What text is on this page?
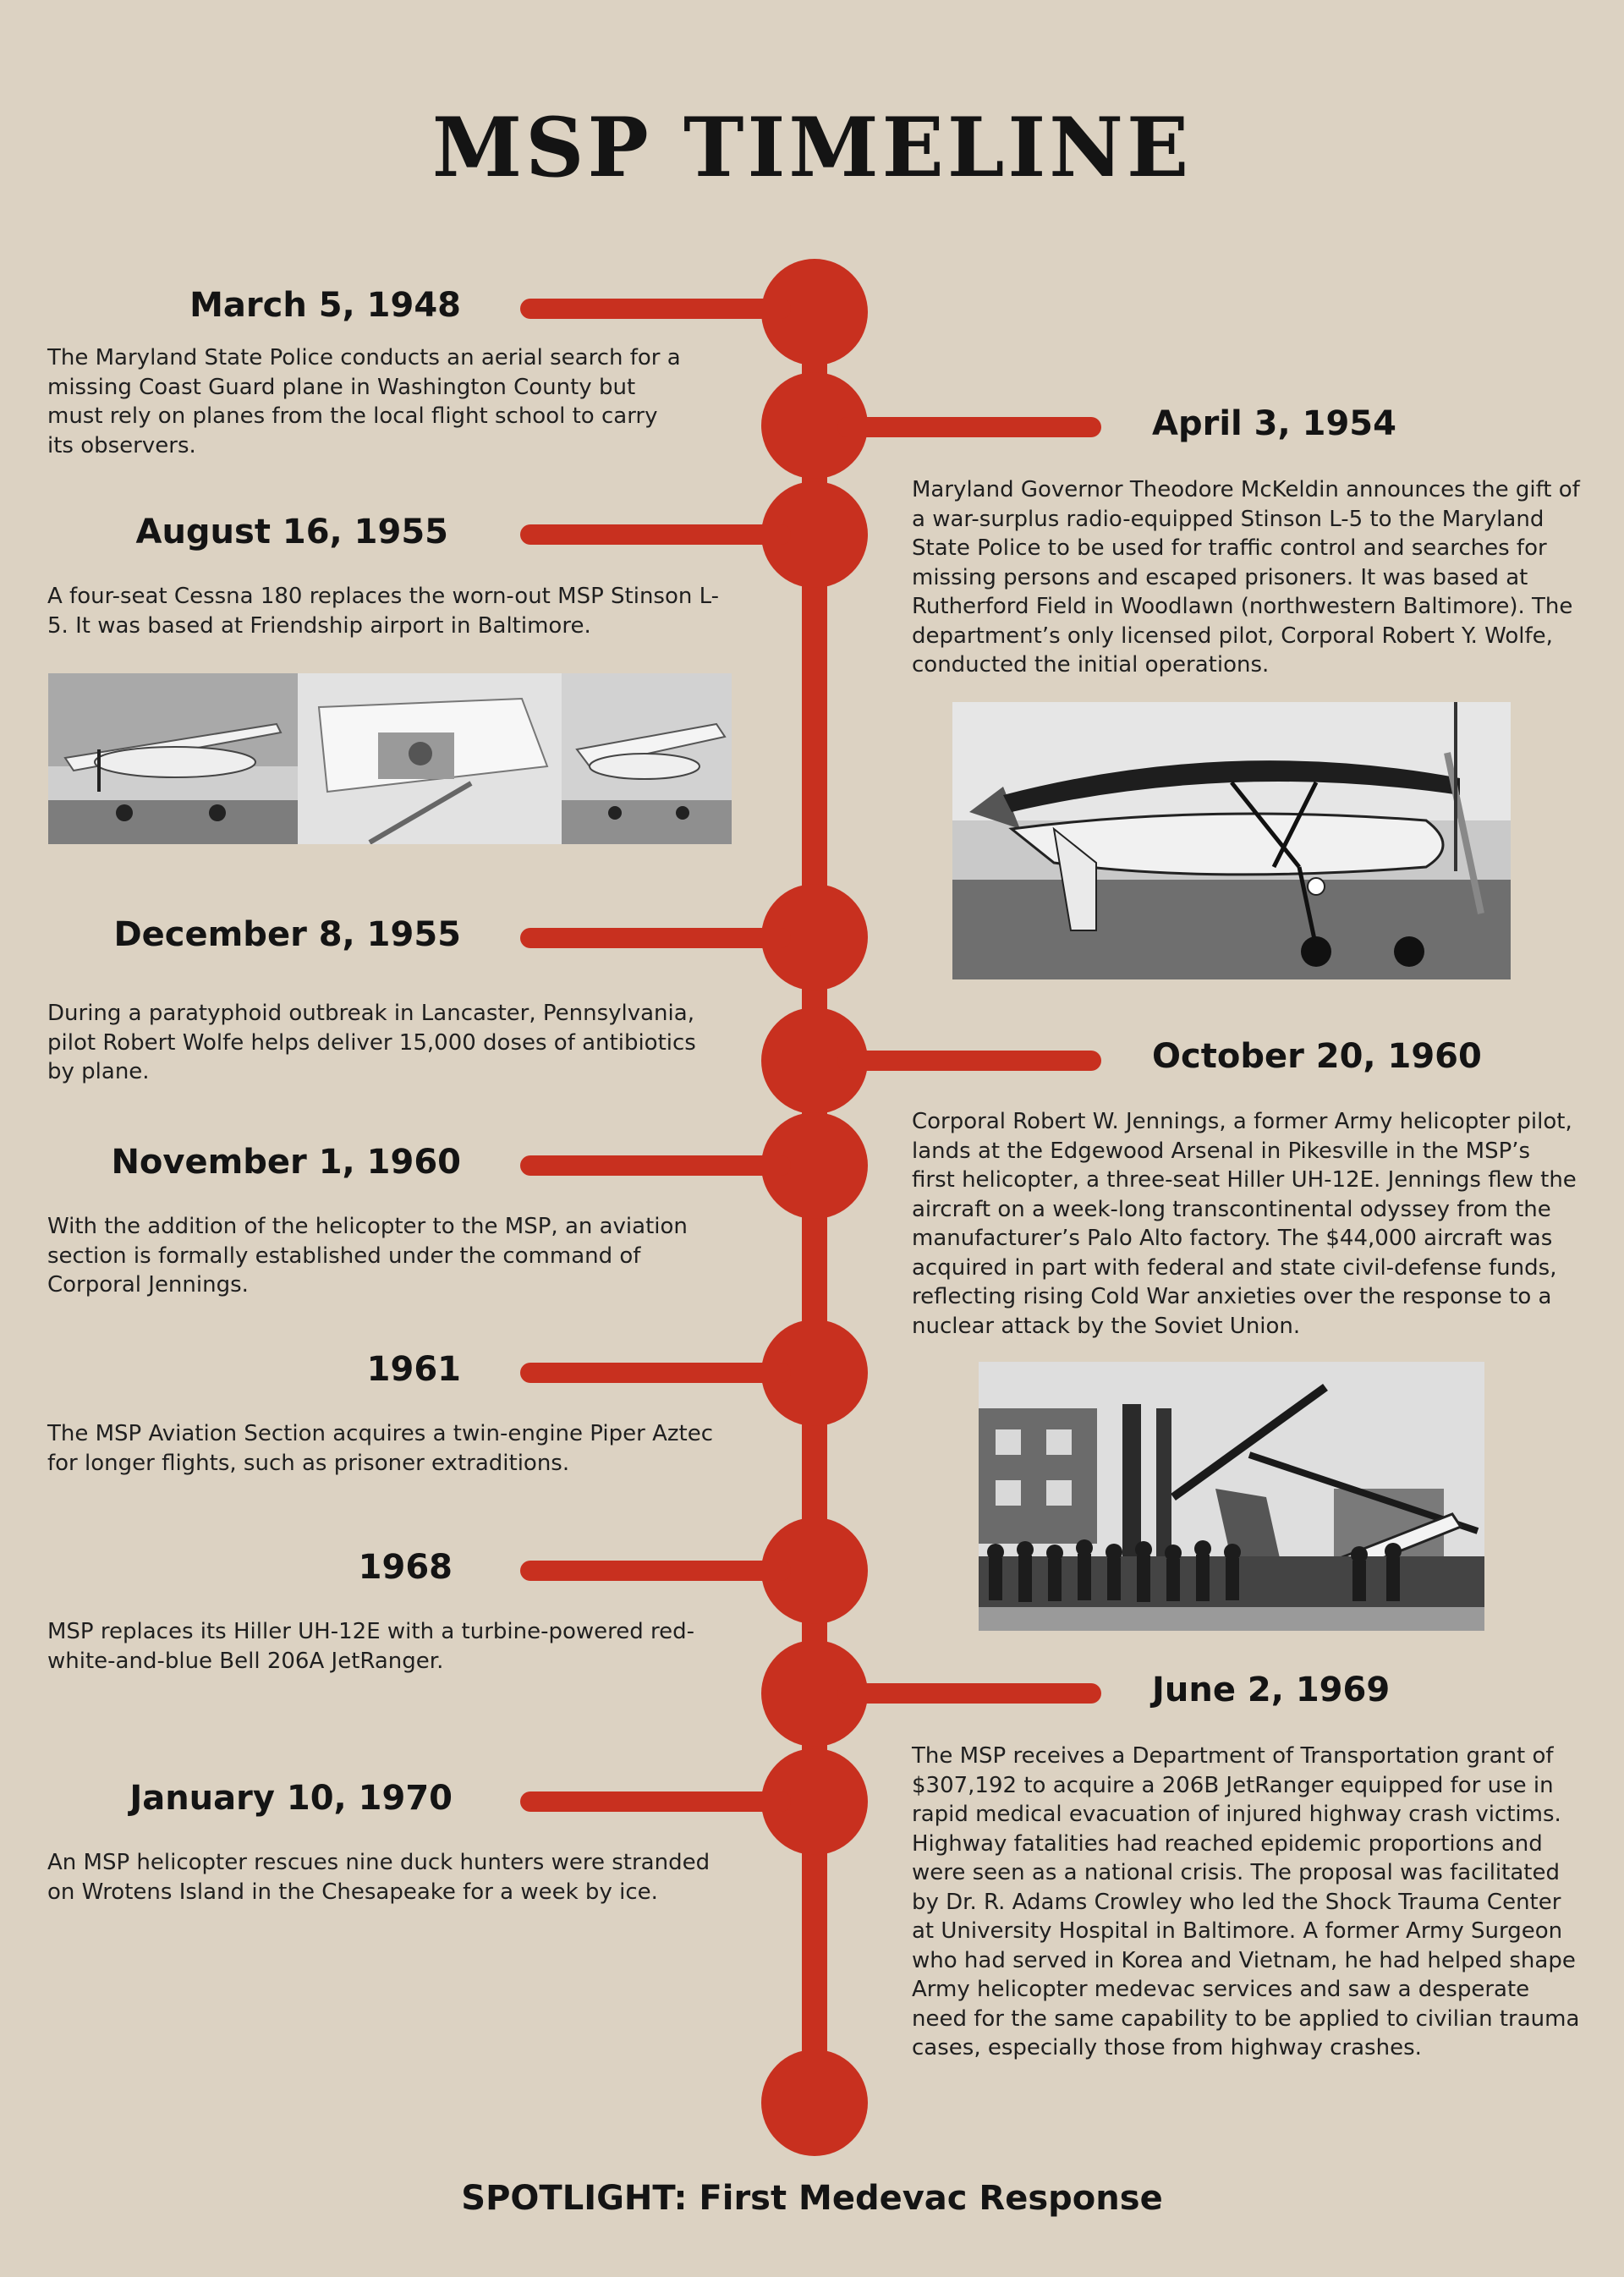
MSP TIMELINE
March 5, 1948
The Maryland State Police conducts an aerial search for a missing Coast Guard plane in Washington County but must rely on planes from the local flight school to carry its observers.
April 3, 1954
Maryland Governor Theodore McKeldin announces the gift of a war-surplus radio-equipped Stinson L-5 to the Maryland State Police to be used for traffic control and searches for missing persons and escaped prisoners. It was based at Rutherford Field in Woodlawn (northwestern Baltimore). The department’s only licensed pilot, Corporal Robert Y. Wolfe, conducted the initial operations.
August 16, 1955
A four-seat Cessna 180 replaces the worn-out MSP Stinson L-5. It was based at Friendship airport in Baltimore.
December 8, 1955
During a paratyphoid outbreak in Lancaster, Pennsylvania, pilot Robert Wolfe helps deliver 15,000 doses of antibiotics by plane.	October 20, 1960
Corporal Robert W. Jennings, a former Army helicopter pilot, lands at the Edgewood Arsenal in Pikesville in the MSP’s first helicopter, a three-seat Hiller UH-12E. Jennings flew the aircraft on a week-long transcontinental odyssey from the manufacturer’s Palo Alto factory. The $44,000 aircraft was acquired in part with federal and state civil-defense funds, reflecting rising Cold War anxieties over the response to a nuclear attack by the Soviet Union.
November 1, 1960
With the addition of the helicopter to the MSP, an aviation section is formally established under the command of Corporal Jennings.
1961
The MSP Aviation Section acquires a twin-engine Piper Aztec for longer flights, such as prisoner extraditions.
1968
MSP replaces its Hiller UH-12E with a turbine-powered red-white-and-blue Bell 206A JetRanger.
June 2, 1969
The MSP receives a Department of Transportation grant of $307,192 to acquire a 206B JetRanger equipped for use in rapid medical evacuation of injured highway crash victims. Highway fatalities had reached epidemic proportions and were seen as a national crisis. The proposal was facilitated by Dr. R. Adams Crowley who led the Shock Trauma Center at University Hospital in Baltimore. A former Army Surgeon who had served in Korea and Vietnam, he had helped shape Army helicopter medevac services and saw a desperate need for the same capability to be applied to civilian trauma cases, especially those from highway crashes.
January 10, 1970
An MSP helicopter rescues nine duck hunters were stranded on Wrotens Island in the Chesapeake for a week by ice.

SPOTLIGHT: First Medevac Response
